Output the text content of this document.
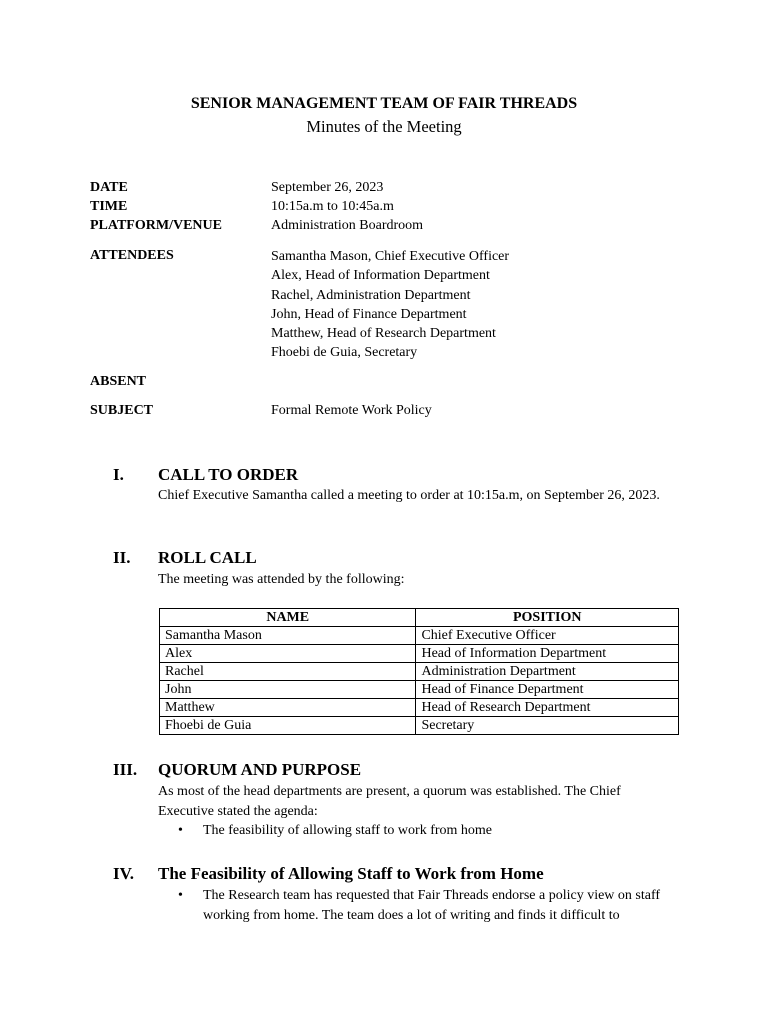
SENIOR MANAGEMENT TEAM OF FAIR THREADS
Minutes of the Meeting
DATE	September 26, 2023
TIME	10:15a.m to 10:45a.m
PLATFORM/VENUE	Administration Boardroom
ATTENDEES	Samantha Mason, Chief Executive Officer
Alex, Head of Information Department
Rachel, Administration Department
John, Head of Finance Department
Matthew, Head of Research Department
Fhoebi de Guia, Secretary
ABSENT
SUBJECT	Formal Remote Work Policy
I. CALL TO ORDER

Chief Executive Samantha called a meeting to order at 10:15a.m, on September 26, 2023.

II. ROLL CALL

The meeting was attended by the following:

NAME	POSITION
Samantha Mason	Chief Executive Officer
Alex	Head of Information Department
Rachel	Administration Department
John	Head of Finance Department
Matthew	Head of Research Department
Fhoebi de Guia	Secretary
III. QUORUM AND PURPOSE

As most of the head departments are present, a quorum was established. The Chief Executive stated the agenda:

• The feasibility of allowing staff to work from home

IV. The Feasibility of Allowing Staff to Work from Home
• The Research team has requested that Fair Threads endorse a policy view on staff working from home. The team does a lot of writing and finds it difficult to
